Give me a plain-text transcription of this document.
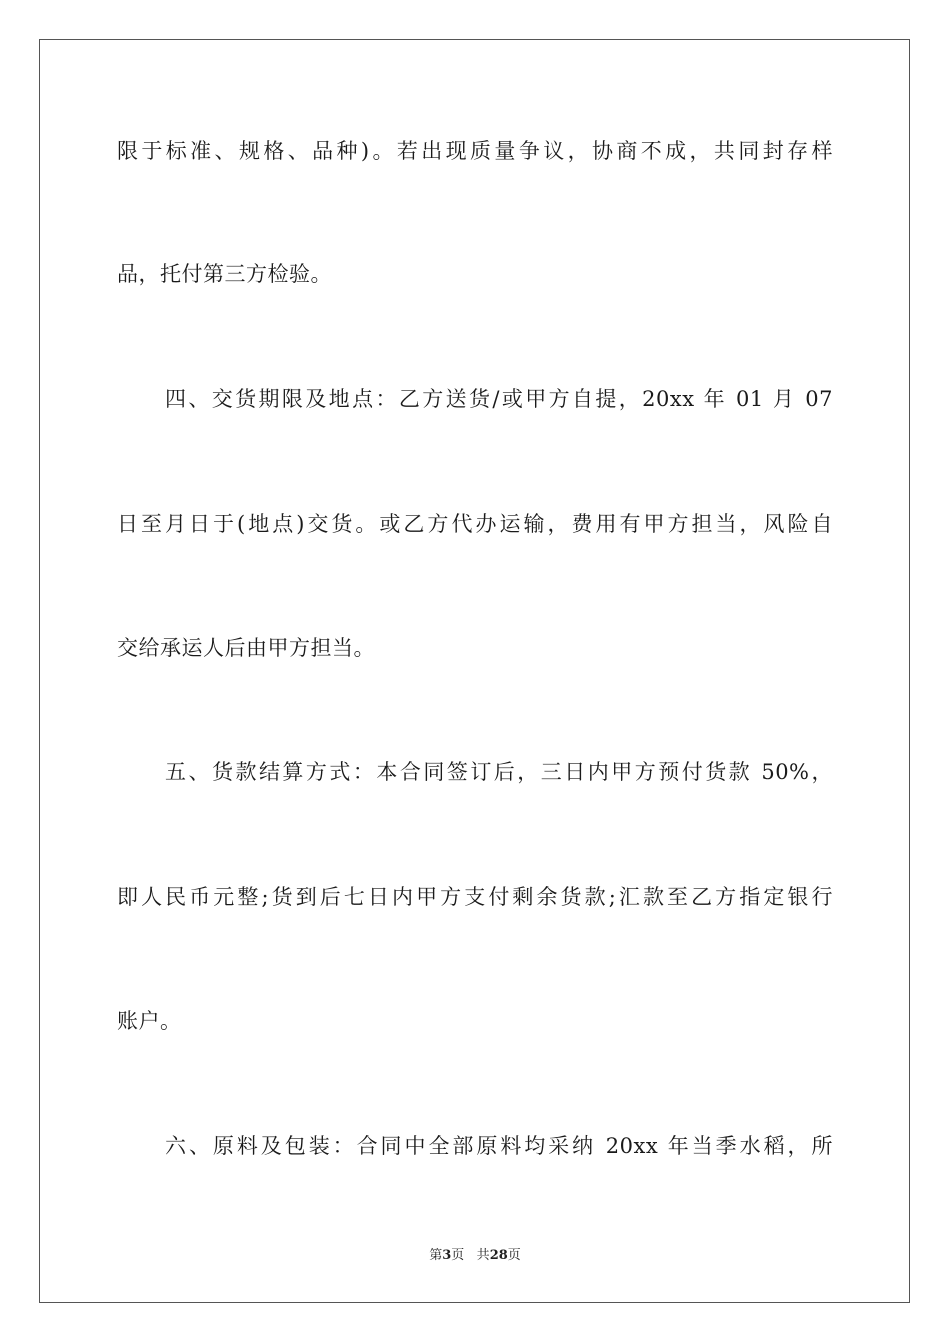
限于标准、规格、品种)。若出现质量争议，协商不成，共同封存样
品，托付第三方检验。
四、交货期限及地点：乙方送货/或甲方自提，20xx 年 01 月 07
日至月日于(地点)交货。或乙方代办运输，费用有甲方担当，风险自
交给承运人后由甲方担当。
五、货款结算方式：本合同签订后，三日内甲方预付货款 50%，
即人民币元整;货到后七日内甲方支付剩余货款;汇款至乙方指定银行
账户。
六、原料及包装：合同中全部原料均采纳 20xx 年当季水稻，所
第3页 共28页
